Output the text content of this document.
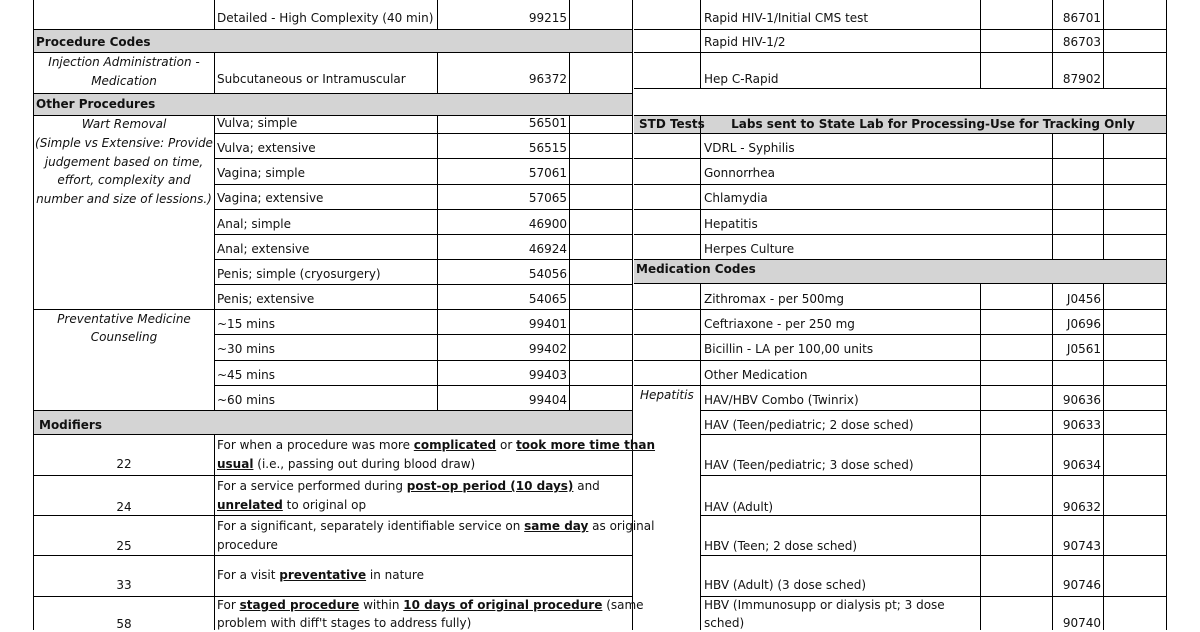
Detailed - High Complexity (40 min)	99215
Procedure Codes
Injection Administration -
Medication	Subcutaneous or Intramuscular	96372
Other Procedures
Wart Removal
(Simple vs Extensive: Provide
judgement based on time,
effort, complexity and
number and size of lessions.)
Vulva; simple	56501
Vulva; extensive	56515
Vagina; simple	57061
Vagina; extensive	57065
Anal; simple	46900
Anal; extensive	46924
Penis; simple (cryosurgery)	54056
Penis; extensive	54065
Preventative Medicine
Counseling
~15 mins	99401
~30 mins	99402
~45 mins	99403
~60 mins	99404
Modifiers
22
For when a procedure was more complicated or took more time than
usual (i.e., passing out during blood draw)
24
For a service performed during post-op period (10 days) and
unrelated to original op
25
For a significant, separately identifiable service on same day as original
procedure
33
For a visit preventative in nature
58
For staged procedure within 10 days of original procedure (same
problem with diff't stages to address fully)
Rapid HIV-1/Initial CMS test	86701
Rapid HIV-1/2	86703
Hep C-Rapid	87902
STD Tests	Labs sent to State Lab for Processing-Use for Tracking Only
VDRL - Syphilis
Gonnorrhea
Chlamydia
Hepatitis
Herpes Culture
Medication Codes
Zithromax - per 500mg	J0456
Ceftriaxone - per 250 mg	J0696
Bicillin - LA per 100,00 units	J0561
Other Medication
Hepatitis HAV/HBV Combo (Twinrix)	90636
HAV (Teen/pediatric; 2 dose sched)	90633
HAV (Teen/pediatric; 3 dose sched)	90634
HAV (Adult)	90632
HBV (Teen; 2 dose sched)	90743
HBV (Adult) (3 dose sched)	90746
HBV (Immunosupp or dialysis pt; 3 dose
sched)	90740
